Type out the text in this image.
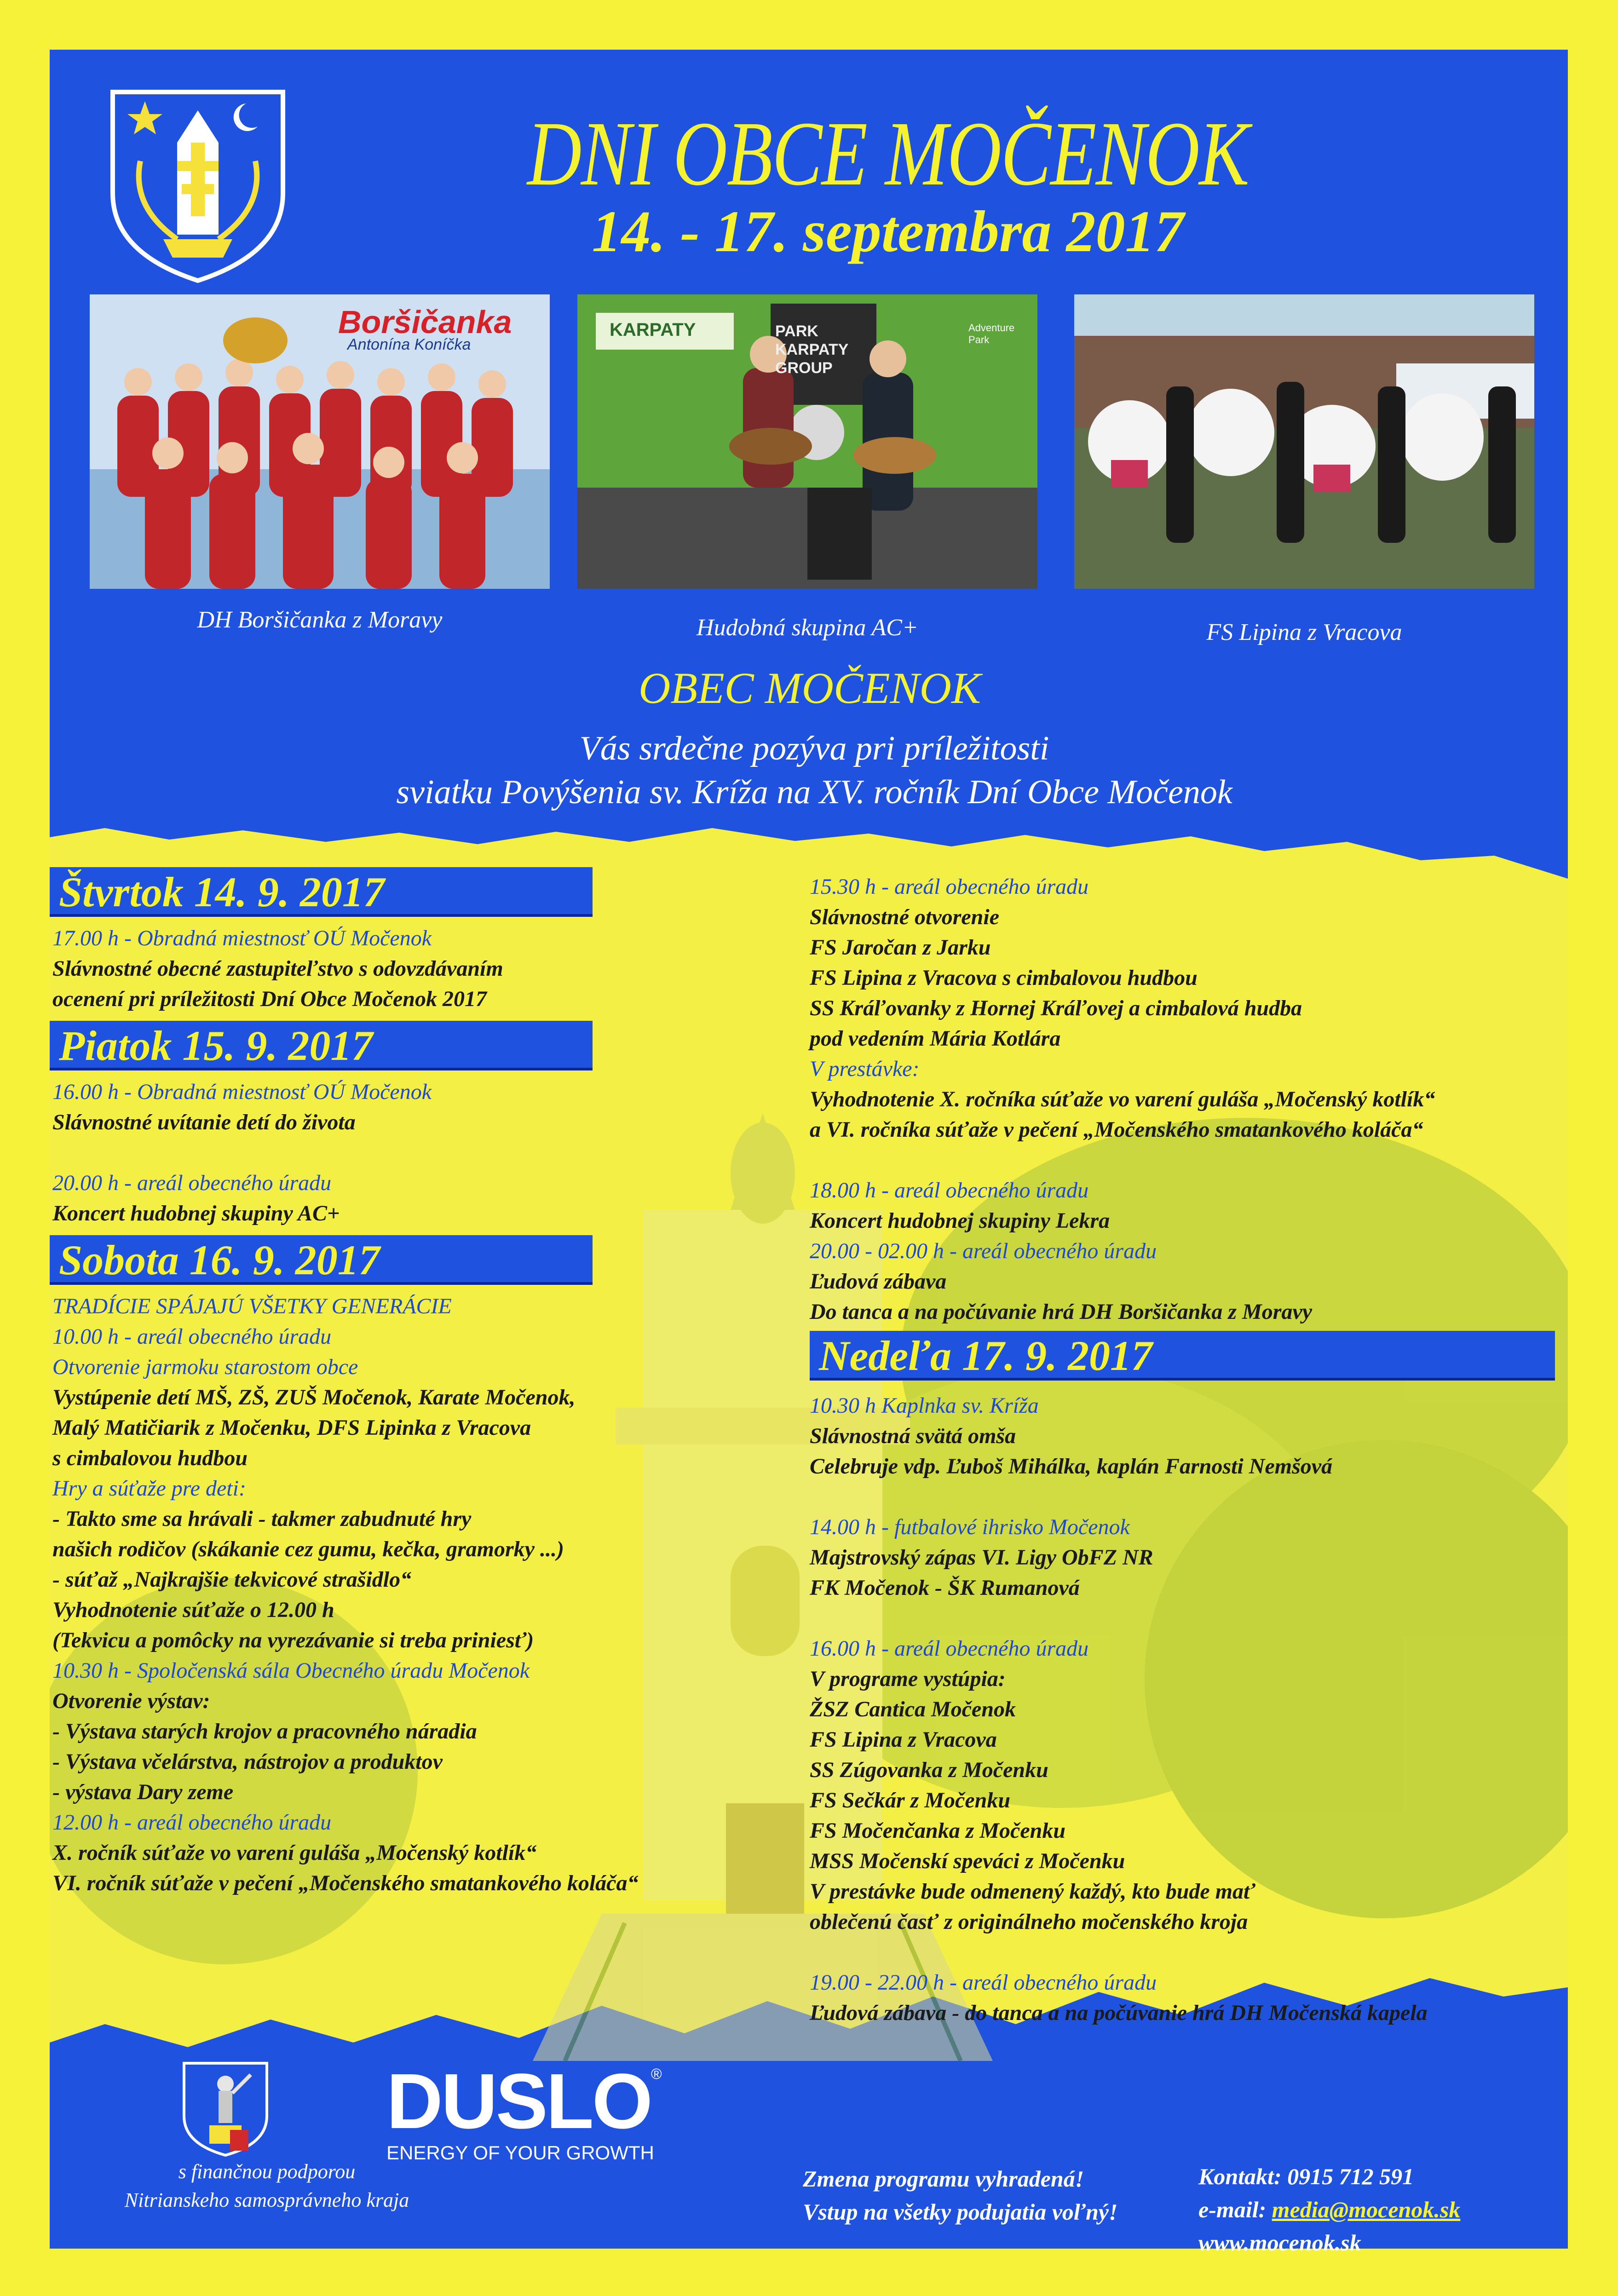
DNI OBCE MOČENOK
14. - 17. septembra 2017
Boršičanka
Antonína Koníčka
KARPATY	PARK KARPATY GROUP
Adventure Park
DH Boršičanka z Moravy	Hudobná skupina AC+	FS Lipina z Vracova
OBEC MOČENOK
Vás srdečne pozýva pri príležitosti
sviatku Povýšenia sv. Kríža na XV. ročník Dní Obce Močenok
Štvrtok 14. 9. 2017
17.00 h - Obradná miestnosť OÚ Močenok
Slávnostné obecné zastupiteľstvo s odovzdávaním
ocenení pri príležitosti Dní Obce Močenok 2017
Piatok 15. 9. 2017
16.00 h - Obradná miestnosť OÚ Močenok
Slávnostné uvítanie detí do života
20.00 h - areál obecného úradu
Koncert hudobnej skupiny AC+
Sobota 16. 9. 2017
TRADÍCIE SPÁJAJÚ VŠETKY GENERÁCIE
10.00 h - areál obecného úradu
Otvorenie jarmoku starostom obce
Vystúpenie detí MŠ, ZŠ, ZUŠ Močenok, Karate Močenok,
Malý Matičiarik z Močenku, DFS Lipinka z Vracova
s cimbalovou hudbou
Hry a súťaže pre deti:
- Takto sme sa hrávali - takmer zabudnuté hry
našich rodičov (skákanie cez gumu, kečka, gramorky ...)
- súťaž „Najkrajšie tekvicové strašidlo“
Vyhodnotenie súťaže o 12.00 h
(Tekvicu a pomôcky na vyrezávanie si treba priniesť)
10.30 h - Spoločenská sála Obecného úradu Močenok
Otvorenie výstav:
- Výstava starých krojov a pracovného náradia
- Výstava včelárstva, nástrojov a produktov
- výstava Dary zeme
12.00 h - areál obecného úradu
X. ročník súťaže vo varení guláša „Močenský kotlík“
VI. ročník súťaže v pečení „Močenského smatankového koláča“
15.30 h - areál obecného úradu
Slávnostné otvorenie
FS Jaročan z Jarku
FS Lipina z Vracova s cimbalovou hudbou
SS Kráľovanky z Hornej Kráľovej a cimbalová hudba
pod vedením Mária Kotlára
V prestávke:
Vyhodnotenie X. ročníka súťaže vo varení guláša „Močenský kotlík“
a VI. ročníka súťaže v pečení „Močenského smatankového koláča“
18.00 h - areál obecného úradu
Koncert hudobnej skupiny Lekra
20.00 - 02.00 h - areál obecného úradu
Ľudová zábava
Do tanca a na počúvanie hrá DH Boršičanka z Moravy
Nedeľa 17. 9. 2017
10.30 h Kaplnka sv. Kríža
Slávnostná svätá omša
Celebruje vdp. Ľuboš Mihálka, kaplán Farnosti Nemšová
14.00 h - futbalové ihrisko Močenok
Majstrovský zápas VI. Ligy ObFZ NR
FK Močenok - ŠK Rumanová
16.00 h - areál obecného úradu
V programe vystúpia:
ŽSZ Cantica Močenok
FS Lipina z Vracova
SS Zúgovanka z Močenku
FS Sečkár z Močenku
FS Močenčanka z Močenku
MSS Močenskí speváci z Močenku
V prestávke bude odmenený každý, kto bude mať
oblečenú časť z originálneho močenského kroja
19.00 - 22.00 h - areál obecného úradu
Ľudová zábava - do tanca a na počúvanie hrá DH Močenská kapela
DUSLO ®
ENERGY OF YOUR GROWTH
s finančnou podporou
Nitrianskeho samosprávneho kraja
Zmena programu vyhradená!
Vstup na všetky podujatia voľný!
Kontakt: 0915 712 591
e-mail: media@mocenok.sk
www.mocenok.sk
